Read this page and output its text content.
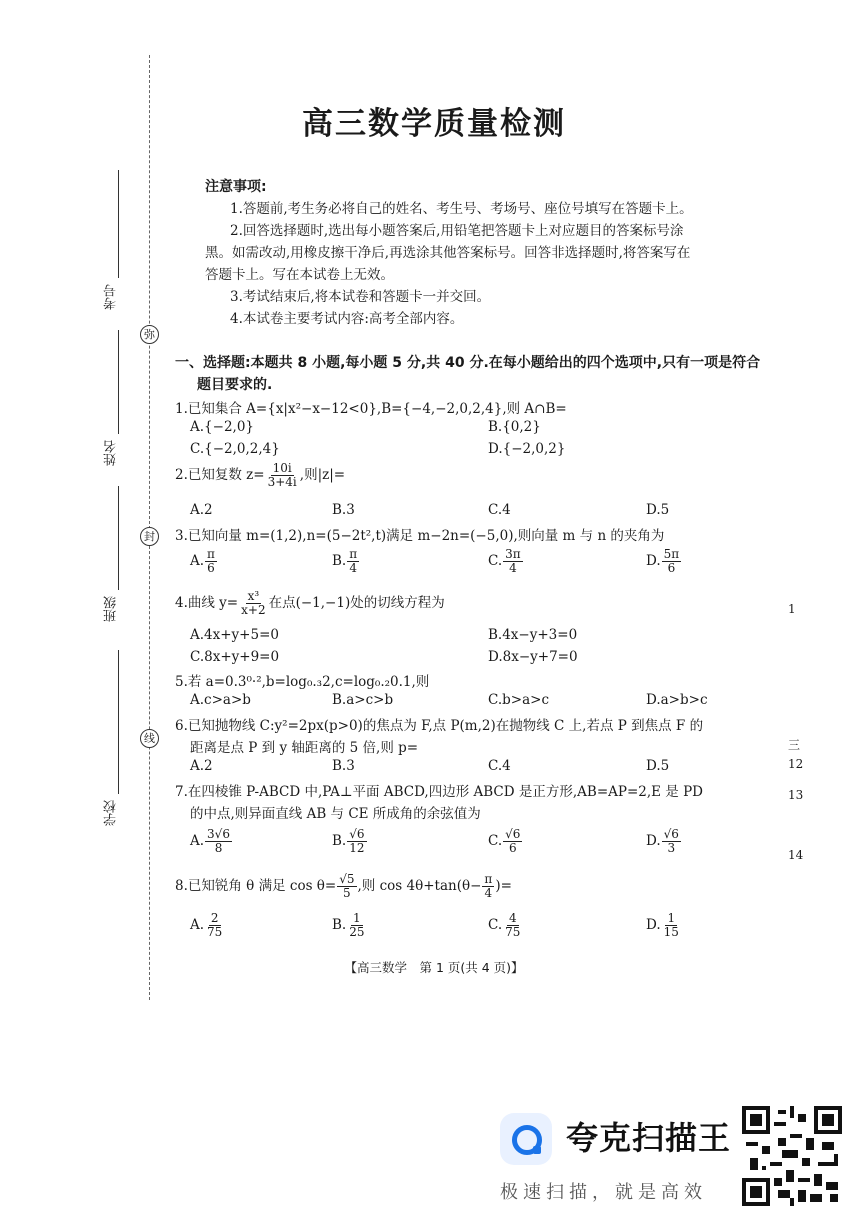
弥
封
线
考号
姓名
班级
学校
高三数学质量检测
注意事项:
1.答题前,考生务必将自己的姓名、考生号、考场号、座位号填写在答题卡上。
2.回答选择题时,选出每小题答案后,用铅笔把答题卡上对应题目的答案标号涂
黑。如需改动,用橡皮擦干净后,再选涂其他答案标号。回答非选择题时,将答案写在
答题卡上。写在本试卷上无效。
3.考试结束后,将本试卷和答题卡一并交回。
4.本试卷主要考试内容:高考全部内容。
一、选择题:本题共 8 小题,每小题 5 分,共 40 分.在每小题给出的四个选项中,只有一项是符合
题目要求的.
1.已知集合 A={x|x²−x−12<0},B={−4,−2,0,2,4},则 A∩B=
A.{−2,0}	B.{0,2}
C.{−2,0,2,4}	D.{−2,0,2}
2.已知复数 $z= \frac{10i}{3+4i}$ ,则|z|=
A.2	B.3	C.4	D.5
3.已知向量 m=(1,2),n=(5−2t²,t)满足 m−2n=(−5,0),则向量 m 与 n 的夹角为
A. $\frac{\pi}{6}$	B. $\frac{\pi}{4}$	C. $\frac{3\pi}{4}$	D. $\frac{5\pi}{6}$
4.曲线 $y= \frac{\text{x³}}{x+2}$ 在点(−1,−1)处的切线方程为
A.4x+y+5=0	B.4x−y+3=0
C.8x+y+9=0	D.8x−y+7=0
5.若 a=0.3⁰·²,b=log₀.₃2,c=log₀.₂0.1,则
A.c>a>b	B.a>c>b	C.b>a>c	D.a>b>c
6.已知抛物线 C:y²=2px(p>0)的焦点为 F,点 P(m,2)在抛物线 C 上,若点 P 到焦点 F 的
距离是点 P 到 y 轴距离的 5 倍,则 p=
A.2	B.3	C.4	D.5
7.在四棱锥 P-ABCD 中,PA⊥平面 ABCD,四边形 ABCD 是正方形,AB=AP=2,E 是 PD
的中点,则异面直线 AB 与 CE 所成角的余弦值为
A. $\frac{3√6}{8}$	B. $\frac{√6}{12}$	C. $\frac{√6}{6}$	D. $\frac{√6}{3}$
8.已知锐角 θ 满足 $\cos \theta= \frac{√5}{5}$ ,则 $\cos 4\theta+\tan(\theta- \frac{\pi}{4}$ )=
A. $\frac{2}{75}$	B. $\frac{1}{25}$	C. $\frac{4}{75}$	D. $\frac{1}{15}$
【高三数学　第 1 页(共 4 页)】
1
三
12
13
14
夸克扫描王
极速扫描，就是高效
